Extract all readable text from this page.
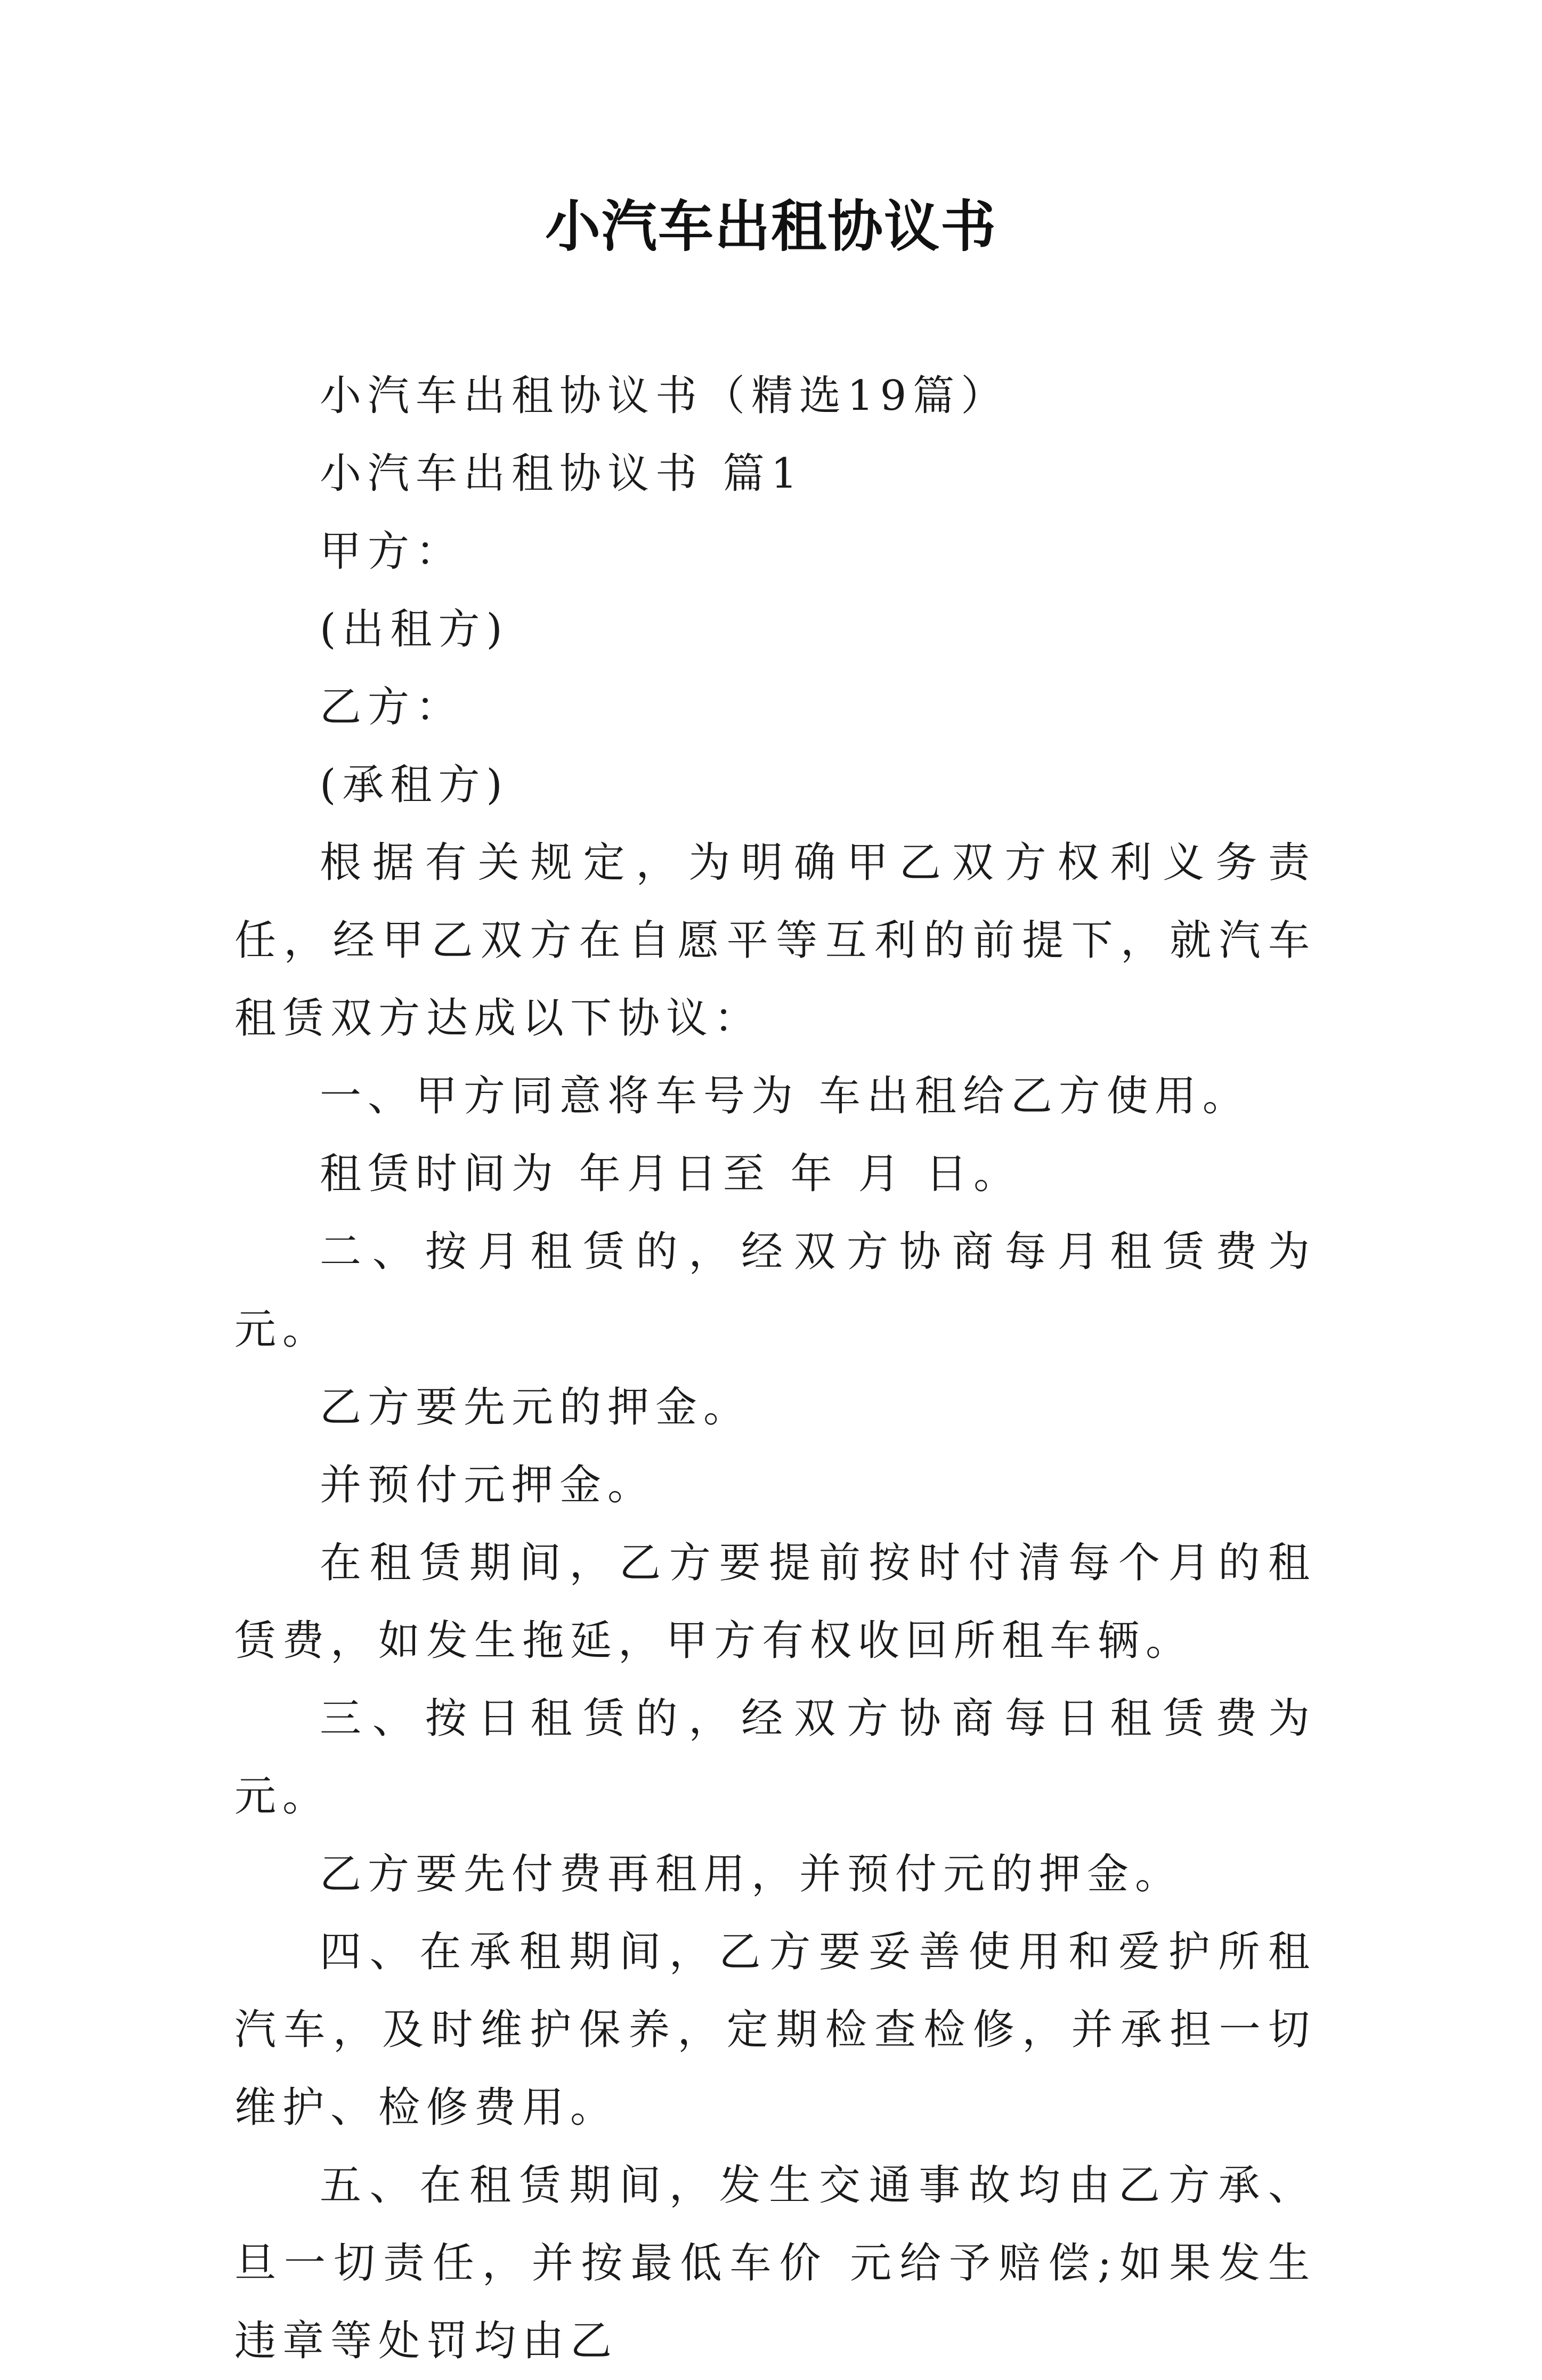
小汽车出租协议书

小汽车出租协议书（精选19篇）

小汽车出租协议书 篇1

甲方：

(出租方)

乙方：

(承租方)

根据有关规定，为明确甲乙双方权利义务责任，经甲乙双方在自愿平等互利的前提下，就汽车租赁双方达成以下协议：

一、甲方同意将车号为 车出租给乙方使用。

租赁时间为 年月日至 年 月 日。

二、按月租赁的，经双方协商每月租赁费为元。

乙方要先元的押金。

并预付元押金。

在租赁期间，乙方要提前按时付清每个月的租赁费，如发生拖延，甲方有权收回所租车辆。

三、按日租赁的，经双方协商每日租赁费为元。

乙方要先付费再租用，并预付元的押金。

四、在承租期间，乙方要妥善使用和爱护所租汽车，及时维护保养，定期检查检修，并承担一切维护、检修费用。

五、在租赁期间，发生交通事故均由乙方承、旦一切责任，并按最低车价 元给予赔偿;如果发生违章等处罚均由乙
